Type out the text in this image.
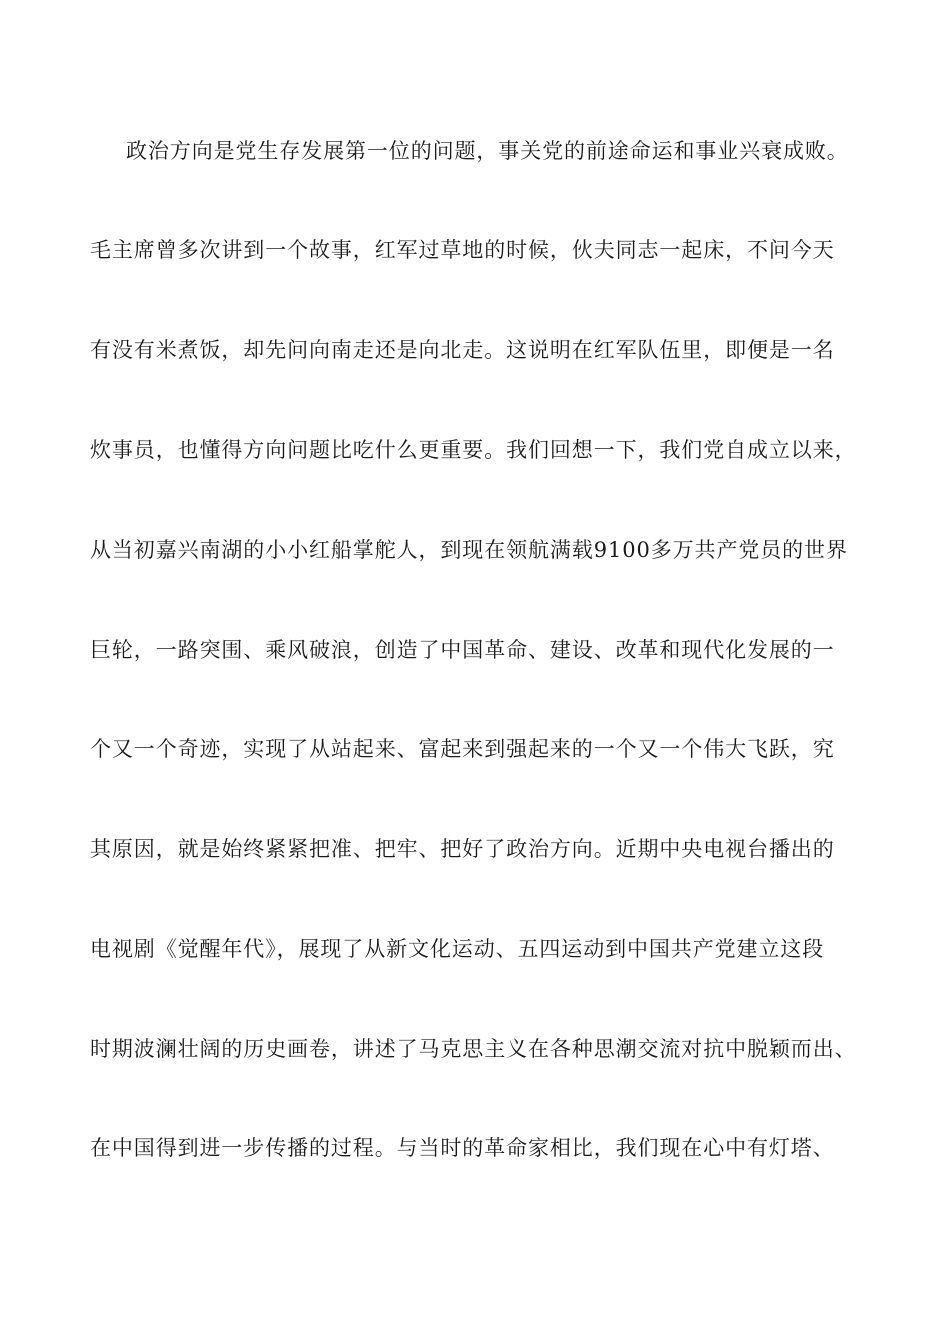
政治方向是党生存发展第一位的问题，事关党的前途命运和事业兴衰成败。
毛主席曾多次讲到一个故事，红军过草地的时候，伙夫同志一起床，不问今天
有没有米煮饭，却先问向南走还是向北走。这说明在红军队伍里，即便是一名
炊事员，也懂得方向问题比吃什么更重要。我们回想一下，我们党自成立以来，
从当初嘉兴南湖的小小红船掌舵人，到现在领航满载9100多万共产党员的世界
巨轮，一路突围、乘风破浪，创造了中国革命、建设、改革和现代化发展的一
个又一个奇迹，实现了从站起来、富起来到强起来的一个又一个伟大飞跃，究
其原因，就是始终紧紧把准、把牢、把好了政治方向。近期中央电视台播出的
电视剧《觉醒年代》，展现了从新文化运动、五四运动到中国共产党建立这段
时期波澜壮阔的历史画卷，讲述了马克思主义在各种思潮交流对抗中脱颖而出、
在中国得到进一步传播的过程。与当时的革命家相比，我们现在心中有灯塔、
